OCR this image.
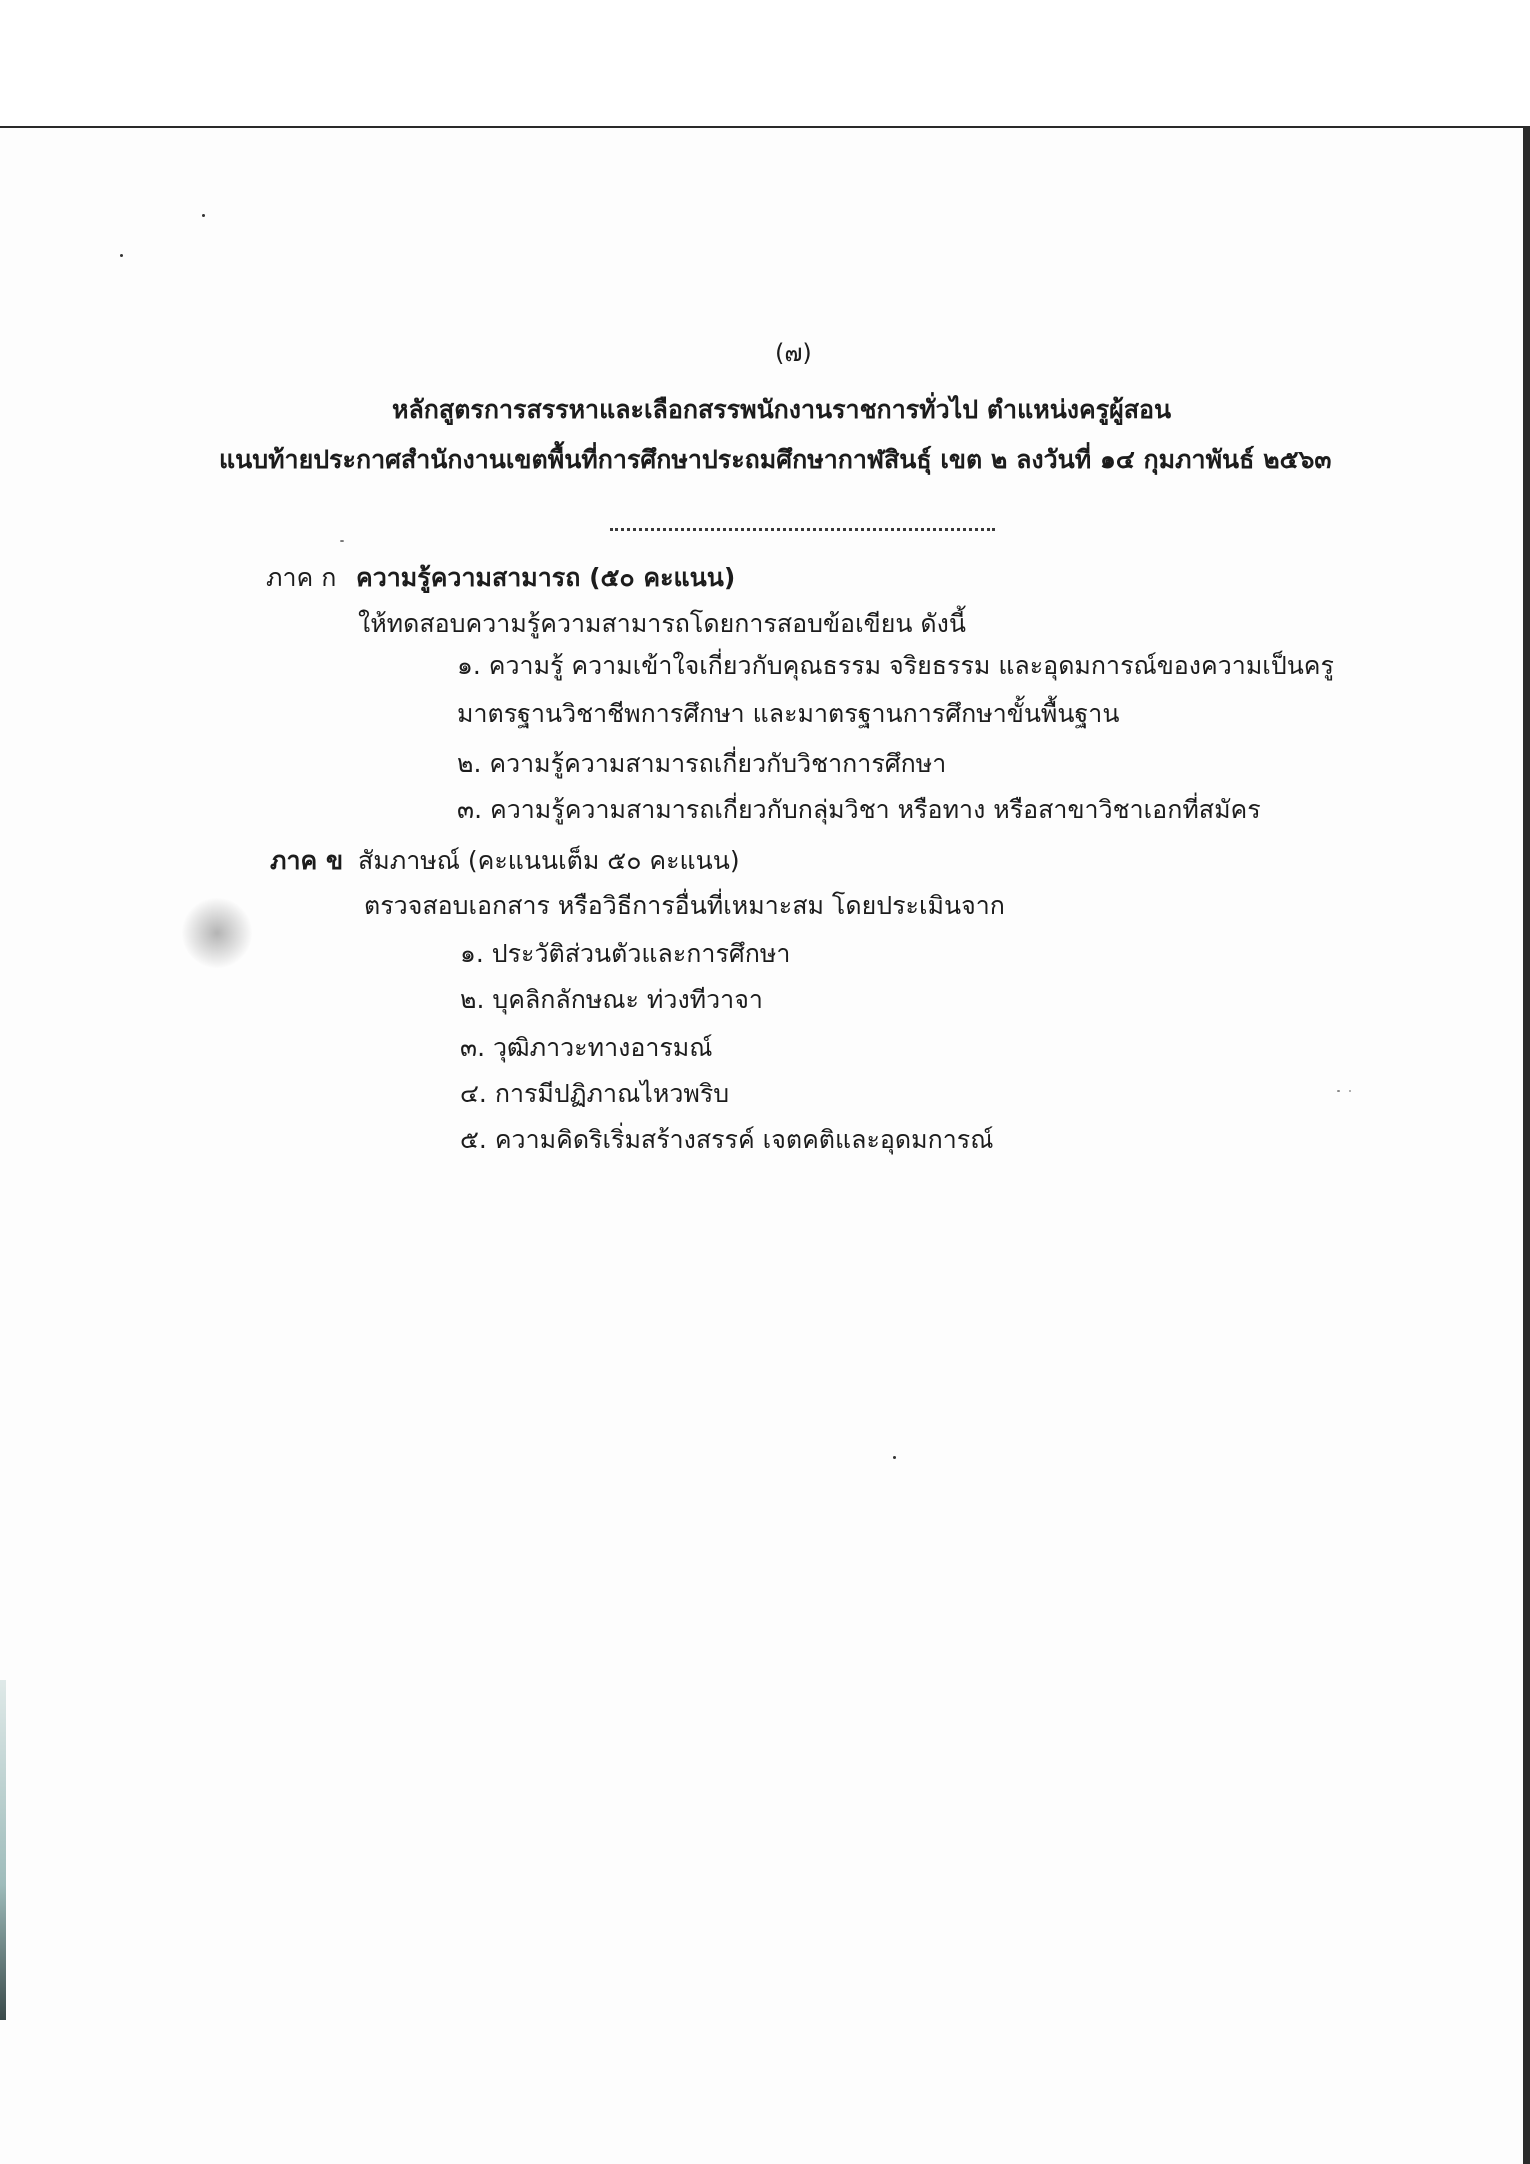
(๗)
หลักสูตรการสรรหาและเลือกสรรพนักงานราชการทั่วไป ตำแหน่งครูผู้สอน
แนบท้ายประกาศสำนักงานเขตพื้นที่การศึกษาประถมศึกษากาฬสินธุ์ เขต ๒ ลงวันที่ ๑๔ กุมภาพันธ์ ๒๕๖๓
ภาค ก ความรู้ความสามารถ (๕๐ คะแนน)
ให้ทดสอบความรู้ความสามารถโดยการสอบข้อเขียน ดังนี้
๑. ความรู้ ความเข้าใจเกี่ยวกับคุณธรรม จริยธรรม และอุดมการณ์ของความเป็นครู
มาตรฐานวิชาชีพการศึกษา และมาตรฐานการศึกษาขั้นพื้นฐาน
๒. ความรู้ความสามารถเกี่ยวกับวิชาการศึกษา
๓. ความรู้ความสามารถเกี่ยวกับกลุ่มวิชา หรือทาง หรือสาขาวิชาเอกที่สมัคร
ภาค ข สัมภาษณ์ (คะแนนเต็ม ๕๐ คะแนน)
ตรวจสอบเอกสาร หรือวิธีการอื่นที่เหมาะสม โดยประเมินจาก
๑. ประวัติส่วนตัวและการศึกษา
๒. บุคลิกลักษณะ ท่วงทีวาจา
๓. วุฒิภาวะทางอารมณ์
๔. การมีปฏิภาณไหวพริบ
๕. ความคิดริเริ่มสร้างสรรค์ เจตคติและอุดมการณ์
